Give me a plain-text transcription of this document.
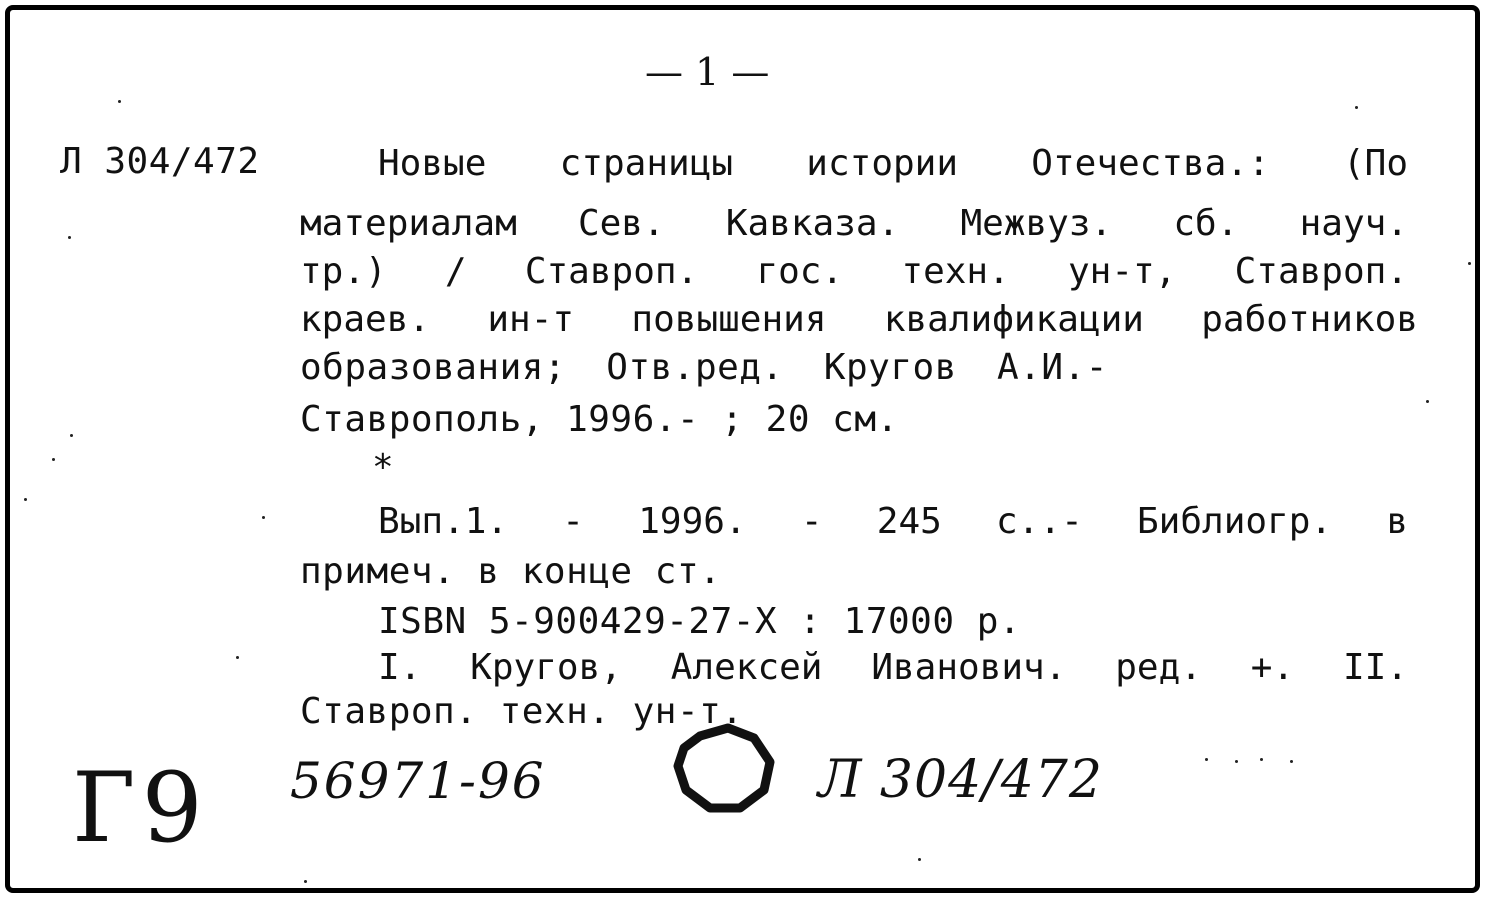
— 1 —
Л 304/472	Новые страницы истории Отечества.: (По
материалам Сев. Кавказа. Межвуз. сб. науч.
тр.) / Ставроп. гос. техн. ун-т, Ставроп.
краев. ин-т повышения квалификации работников
образования; Отв.ред. Кругов А.И.-
Ставрополь, 1996.- ; 20 см.
*
Вып.1. - 1996. - 245 с..- Библиогр. в
примеч. в конце ст.
ISBN 5-900429-27-X : 17000 р.
I. Кругов, Алексей Иванович. ред. +. II.
Ставроп. техн. ун-т.
Г9 56971-96	Л 304/472
